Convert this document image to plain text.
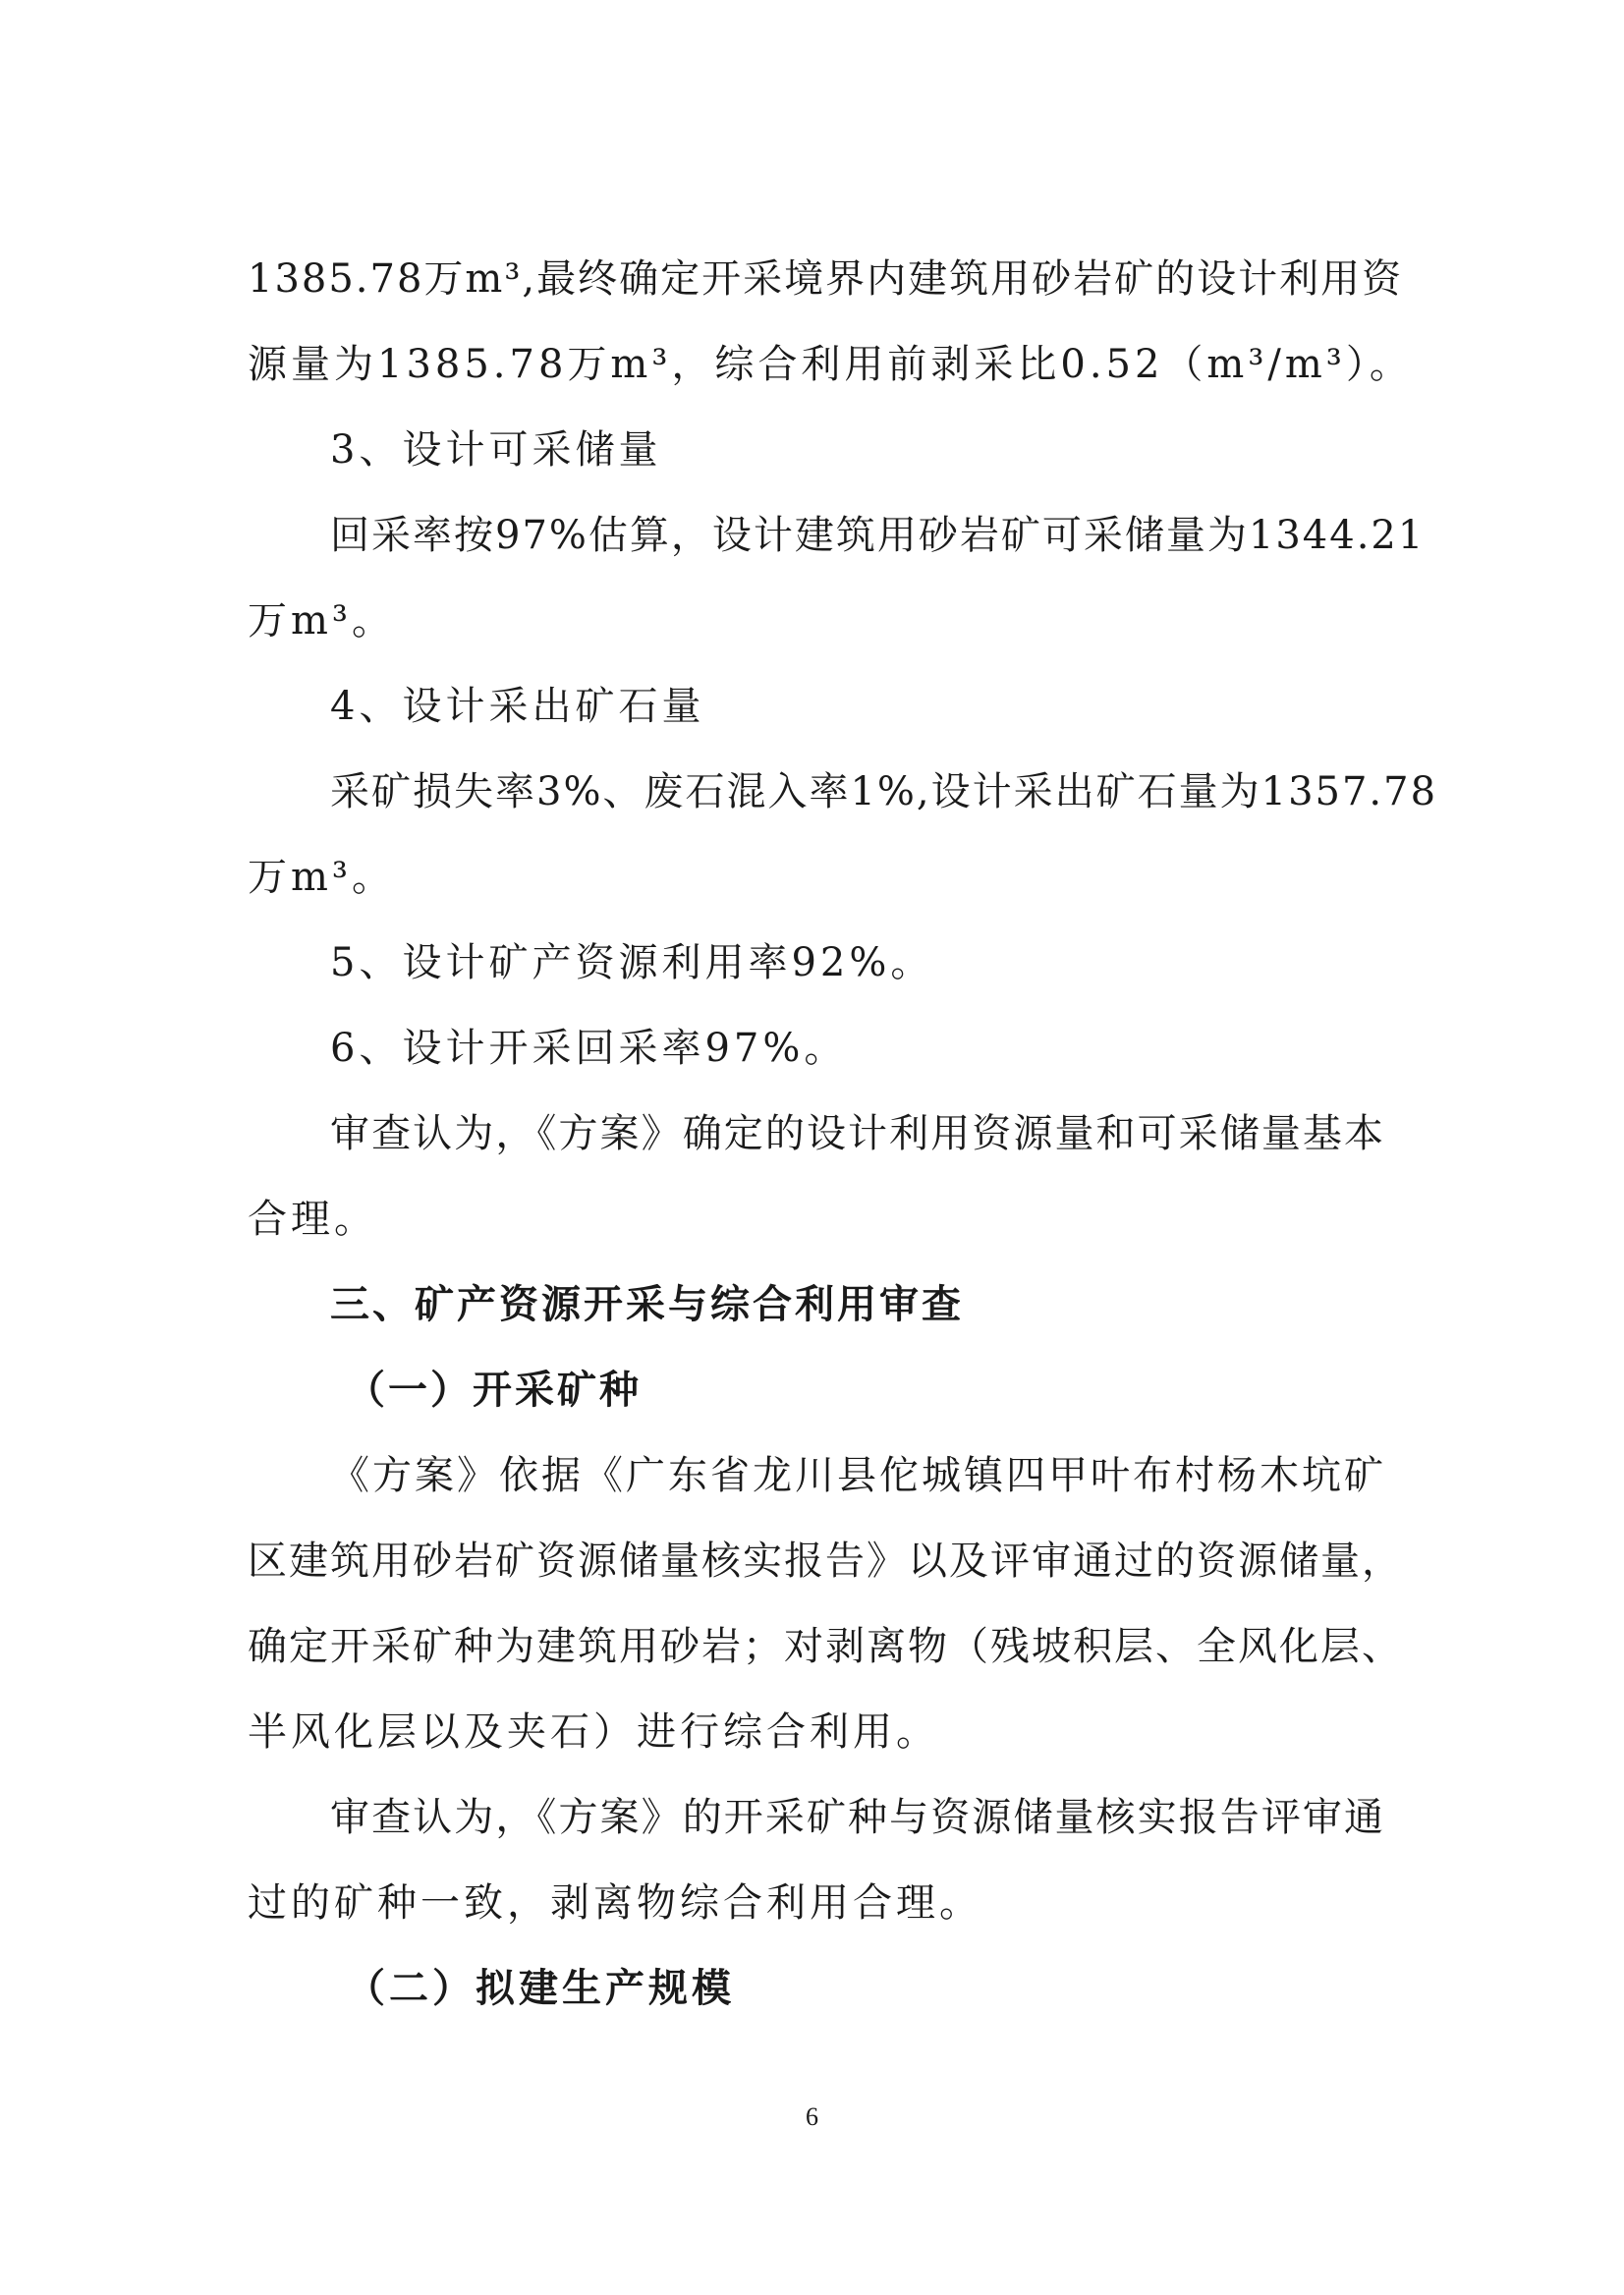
1385.78万m³,最终确定开采境界内建筑用砂岩矿的设计利用资
源量为1385.78万m³，综合利用前剥采比0.52（m³/m³）。
3、设计可采储量
回采率按97%估算，设计建筑用砂岩矿可采储量为1344.21
万m³。
4、设计采出矿石量
采矿损失率3%、废石混入率1%,设计采出矿石量为1357.78
万m³。
5、设计矿产资源利用率92%。
6、设计开采回采率97%。
审查认为，《方案》确定的设计利用资源量和可采储量基本
合理。
三、矿产资源开采与综合利用审查
（一）开采矿种
《方案》依据《广东省龙川县佗城镇四甲叶布村杨木坑矿
区建筑用砂岩矿资源储量核实报告》以及评审通过的资源储量，
确定开采矿种为建筑用砂岩；对剥离物（残坡积层、全风化层、
半风化层以及夹石）进行综合利用。
审查认为，《方案》的开采矿种与资源储量核实报告评审通
过的矿种一致，剥离物综合利用合理。
（二）拟建生产规模
6
